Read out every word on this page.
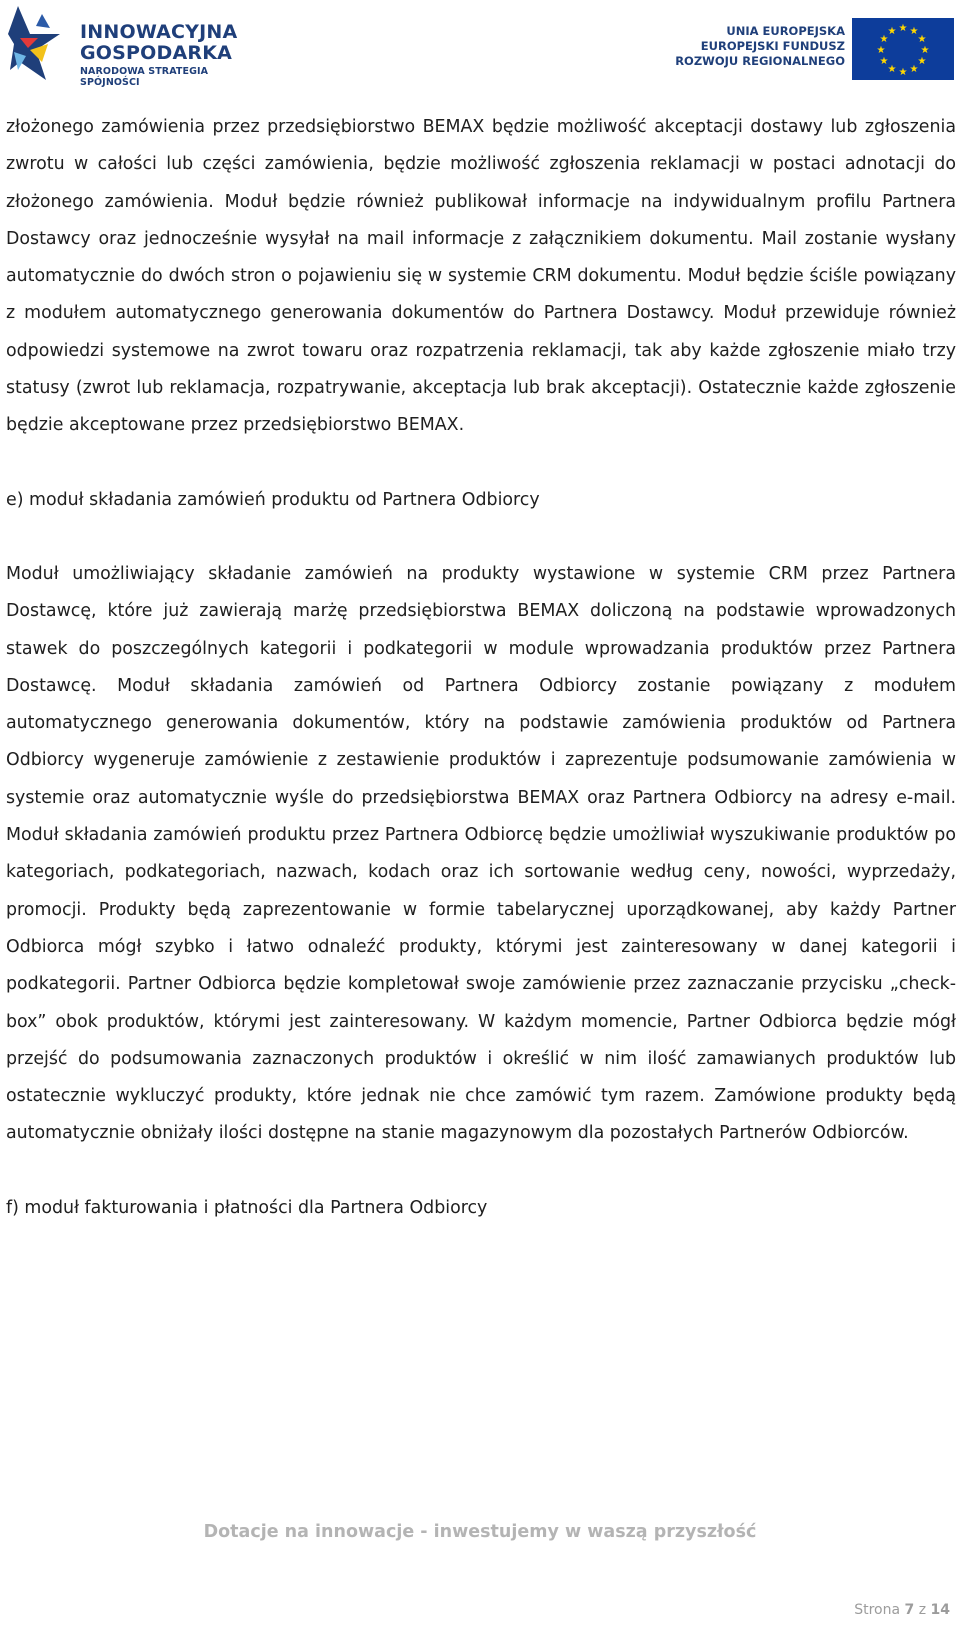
INNOWACYJNA
GOSPODARKA
NARODOWA STRATEGIA SPÓJNOŚCI
UNIA EUROPEJSKA
EUROPEJSKI FUNDUSZ
ROZWOJU REGIONALNEGO
★ ★
★
★
★
★
★
★
★
★
★
★

złożonego zamówienia przez przedsiębiorstwo BEMAX będzie możliwość akceptacji dostawy lub zgłoszenia zwrotu w całości lub części zamówienia, będzie możliwość zgłoszenia reklamacji w postaci adnotacji do złożonego zamówienia. Moduł będzie również publikował informacje na indywidualnym profilu Partnera Dostawcy oraz jednocześnie wysyłał na mail informacje z załącznikiem dokumentu. Mail zostanie wysłany automatycznie do dwóch stron o pojawieniu się w systemie CRM dokumentu. Moduł będzie ściśle powiązany z modułem automatycznego generowania dokumentów do Partnera Dostawcy. Moduł przewiduje również odpowiedzi systemowe na zwrot towaru oraz rozpatrzenia reklamacji, tak aby każde zgłoszenie miało trzy statusy (zwrot lub reklamacja, rozpatrywanie, akceptacja lub brak akceptacji). Ostatecznie każde zgłoszenie będzie akceptowane przez przedsiębiorstwo BEMAX.

e) moduł składania zamówień produktu od Partnera Odbiorcy

Moduł umożliwiający składanie zamówień na produkty wystawione w systemie CRM przez Partnera Dostawcę, które już zawierają marżę przedsiębiorstwa BEMAX doliczoną na podstawie wprowadzonych stawek do poszczególnych kategorii i podkategorii w module wprowadzania produktów przez Partnera Dostawcę. Moduł składania zamówień od Partnera Odbiorcy zostanie powiązany z modułem automatycznego generowania dokumentów, który na podstawie zamówienia produktów od Partnera Odbiorcy wygeneruje zamówienie z zestawienie produktów i zaprezentuje podsumowanie zamówienia w systemie oraz automatycznie wyśle do przedsiębiorstwa BEMAX oraz Partnera Odbiorcy na adresy e-mail. Moduł składania zamówień produktu przez Partnera Odbiorcę będzie umożliwiał wyszukiwanie produktów po kategoriach, podkategoriach, nazwach, kodach oraz ich sortowanie według ceny, nowości, wyprzedaży, promocji. Produkty będą zaprezentowanie w formie tabelarycznej uporządkowanej, aby każdy Partner Odbiorca mógł szybko i łatwo odnaleźć produkty, którymi jest zainteresowany w danej kategorii i podkategorii. Partner Odbiorca będzie kompletował swoje zamówienie przez zaznaczanie przycisku „check-box” obok produktów, którymi jest zainteresowany. W każdym momencie, Partner Odbiorca będzie mógł przejść do podsumowania zaznaczonych produktów i określić w nim ilość zamawianych produktów lub ostatecznie wykluczyć produkty, które jednak nie chce zamówić tym razem. Zamówione produkty będą automatycznie obniżały ilości dostępne na stanie magazynowym dla pozostałych Partnerów Odbiorców.

f) moduł fakturowania i płatności dla Partnera Odbiorcy

Dotacje na innowacje - inwestujemy w waszą przyszłość
Strona 7 z 14
